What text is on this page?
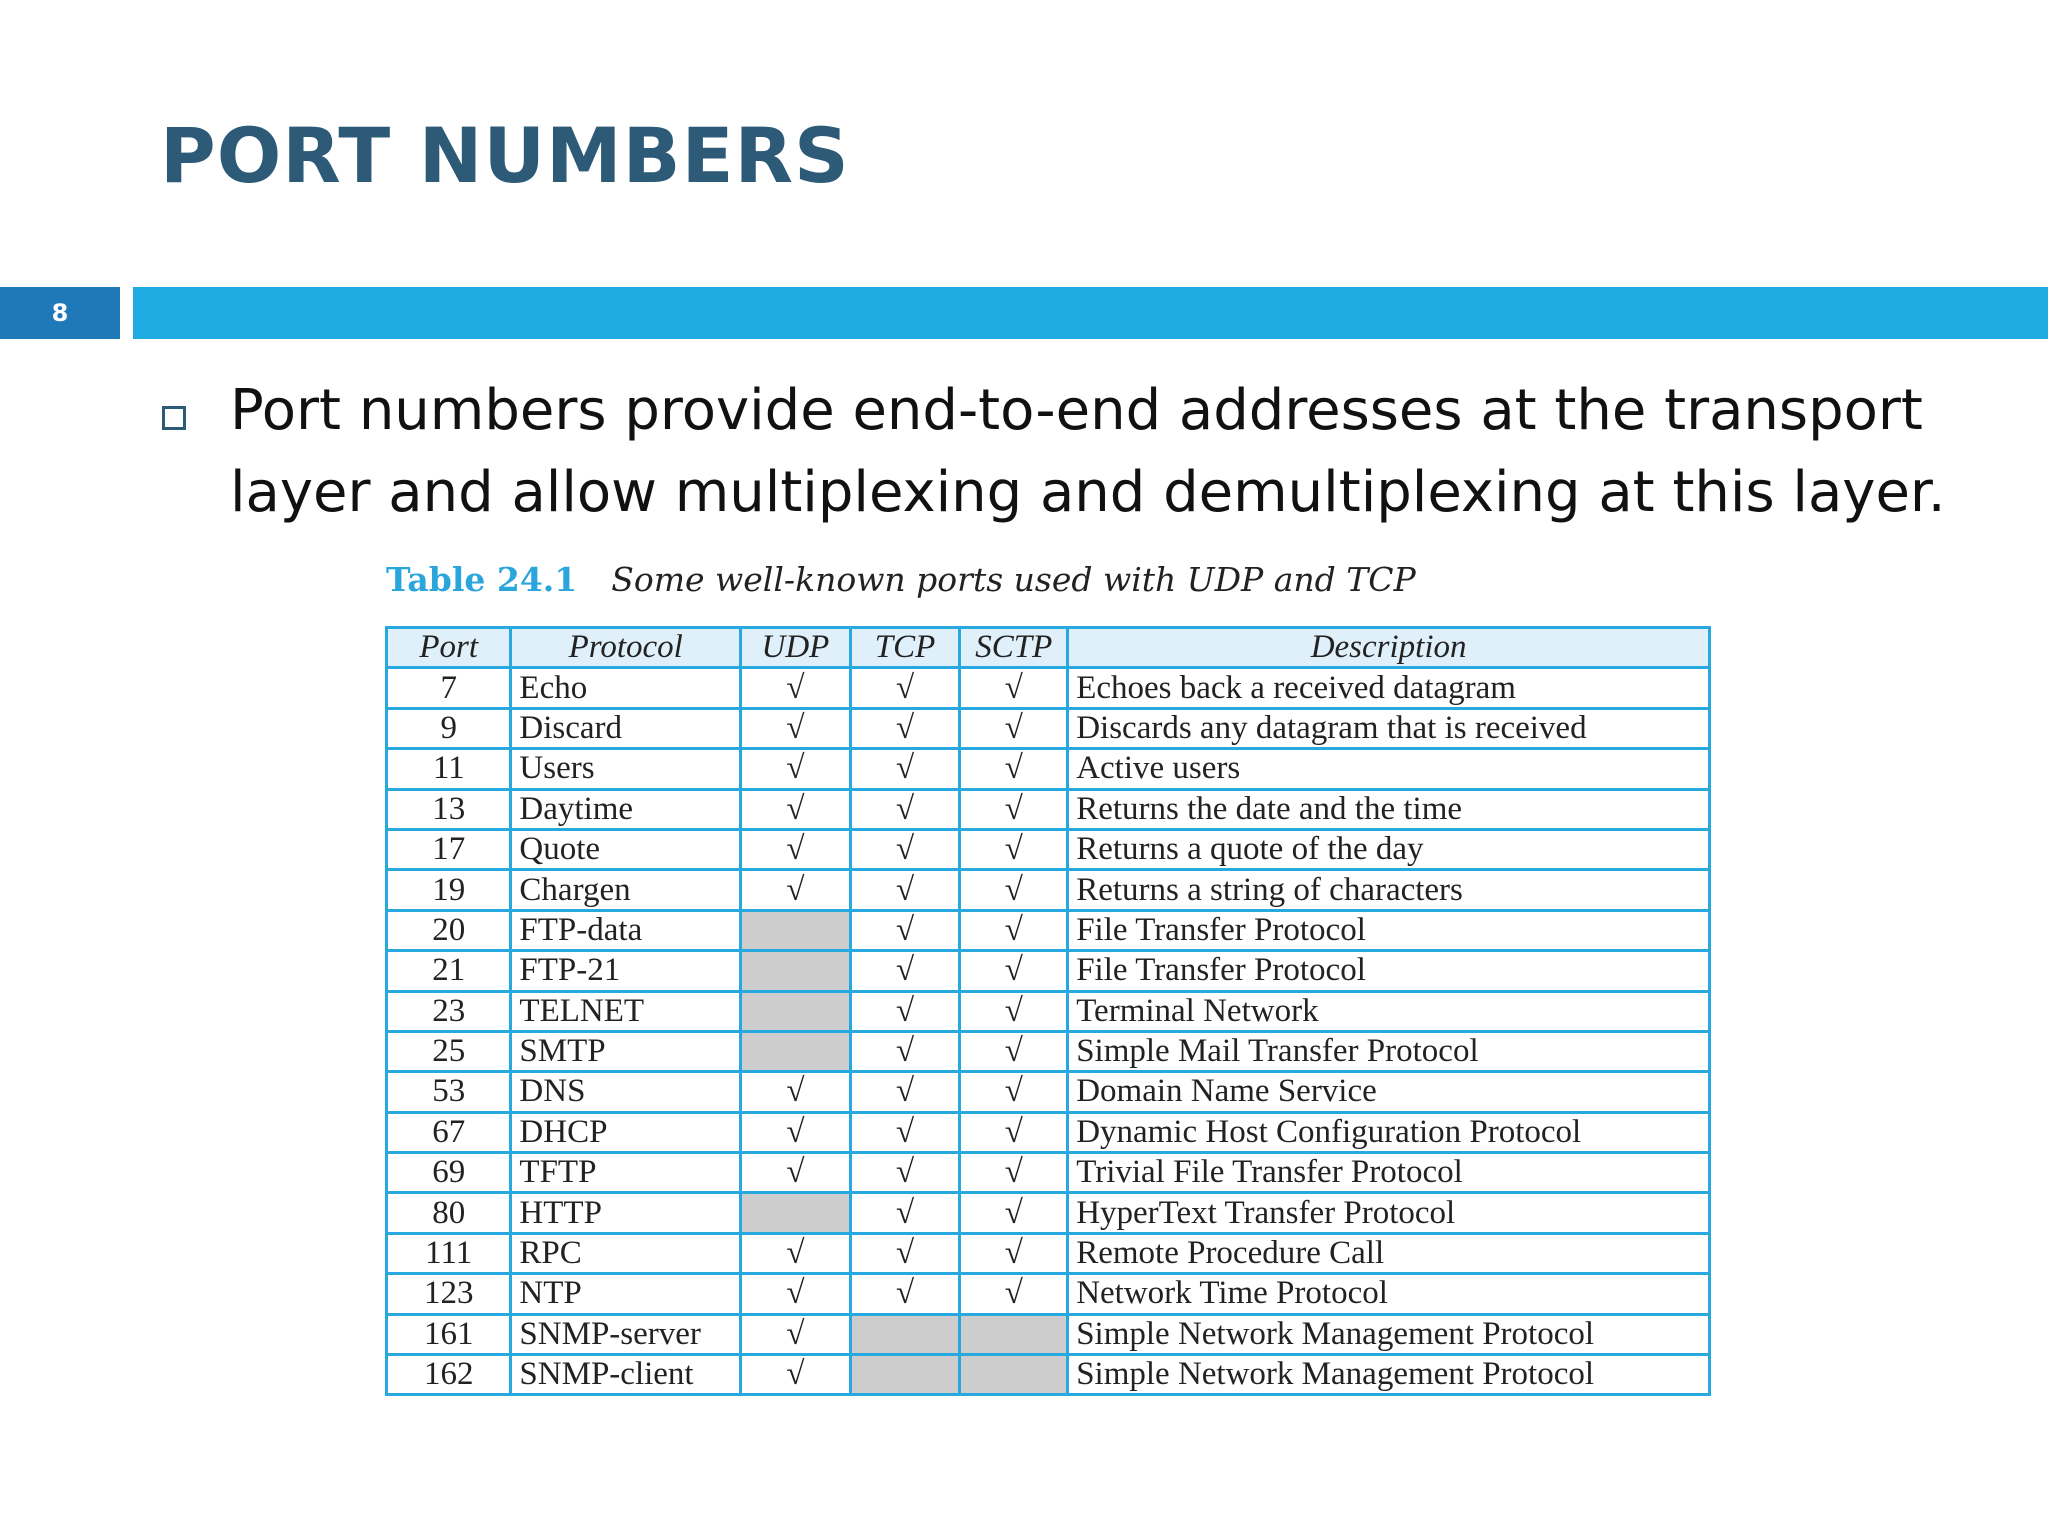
PORT NUMBERS
8
Port numbers provide end-to-end addresses at the transport layer and allow multiplexing and demultiplexing at this layer.
Table 24.1 Some well-known ports used with UDP and TCP
Port	Protocol	UDP	TCP	SCTP	Description
7	Echo	√	√	√	Echoes back a received datagram
9	Discard	√	√	√	Discards any datagram that is received
11	Users	√	√	√	Active users
13	Daytime	√	√	√	Returns the date and the time
17	Quote	√	√	√	Returns a quote of the day
19	Chargen	√	√	√	Returns a string of characters
20	FTP-data		√	√	File Transfer Protocol
21	FTP-21		√	√	File Transfer Protocol
23	TELNET		√	√	Terminal Network
25	SMTP		√	√	Simple Mail Transfer Protocol
53	DNS	√	√	√	Domain Name Service
67	DHCP	√	√	√	Dynamic Host Configuration Protocol
69	TFTP	√	√	√	Trivial File Transfer Protocol
80	HTTP		√	√	HyperText Transfer Protocol
111	RPC	√	√	√	Remote Procedure Call
123	NTP	√	√	√	Network Time Protocol
161	SNMP-server	√			Simple Network Management Protocol
162	SNMP-client	√			Simple Network Management Protocol
